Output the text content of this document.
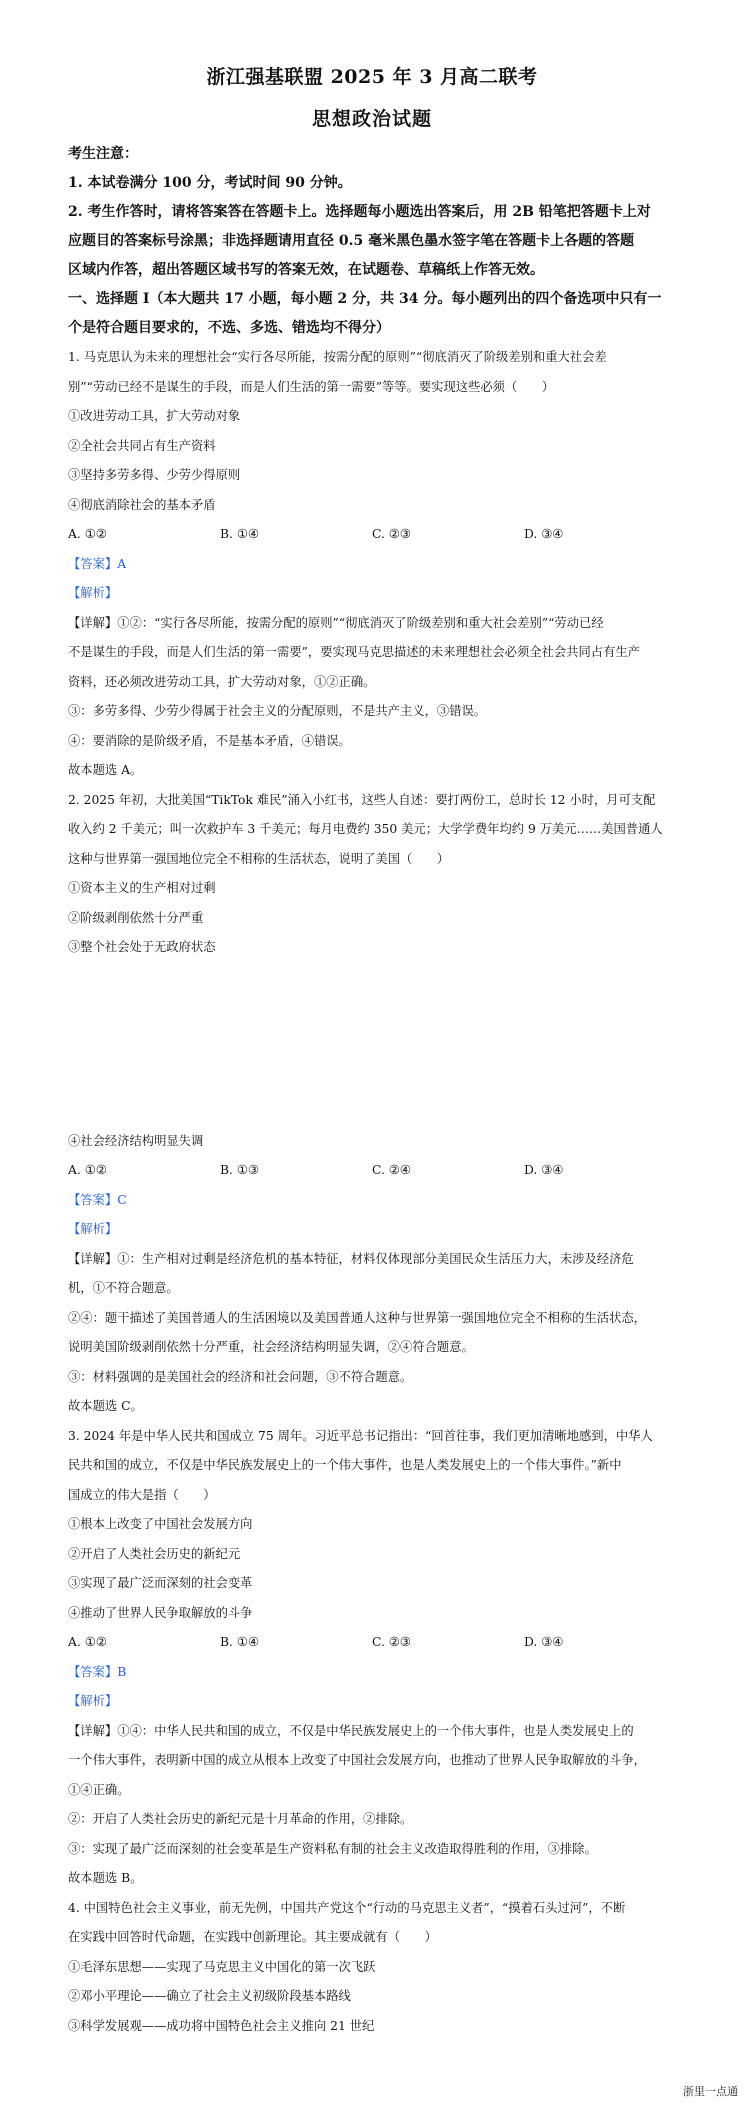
浙江强基联盟 2025 年 3 月高二联考
思想政治试题
考生注意：
1. 本试卷满分 100 分，考试时间 90 分钟。
2. 考生作答时，请将答案答在答题卡上。选择题每小题选出答案后，用 2B 铅笔把答题卡上对
应题目的答案标号涂黑；非选择题请用直径 0.5 毫米黑色墨水签字笔在答题卡上各题的答题
区域内作答，超出答题区域书写的答案无效，在试题卷、草稿纸上作答无效。
一、选择题 I（本大题共 17 小题，每小题 2 分，共 34 分。每小题列出的四个备选项中只有一
个是符合题目要求的，不选、多选、错选均不得分）
1. 马克思认为未来的理想社会“实行各尽所能，按需分配的原则”“彻底消灭了阶级差别和重大社会差
别”“劳动已经不是谋生的手段，而是人们生活的第一需要”等等。要实现这些必须（　　）
①改进劳动工具，扩大劳动对象
②全社会共同占有生产资料
③坚持多劳多得、少劳少得原则
④彻底消除社会的基本矛盾
A. ①②	B. ①④	C. ②③	D. ③④
【答案】A
【解析】
【详解】①②：“实行各尽所能，按需分配的原则”“彻底消灭了阶级差别和重大社会差别”“劳动已经
不是谋生的手段，而是人们生活的第一需要”，要实现马克思描述的未来理想社会必须全社会共同占有生产
资料，还必须改进劳动工具，扩大劳动对象，①②正确。
③：多劳多得、少劳少得属于社会主义的分配原则，不是共产主义，③错误。
④：要消除的是阶级矛盾，不是基本矛盾，④错误。
故本题选 A。
2. 2025 年初，大批美国“TikTok 难民”涌入小红书，这些人自述：要打两份工，总时长 12 小时，月可支配
收入约 2 千美元；叫一次救护车 3 千美元；每月电费约 350 美元；大学学费年均约 9 万美元……美国普通人
这种与世界第一强国地位完全不相称的生活状态，说明了美国（　　）
①资本主义的生产相对过剩
②阶级剥削依然十分严重
③整个社会处于无政府状态
④社会经济结构明显失调
A. ①②	B. ①③	C. ②④	D. ③④
【答案】C
【解析】
【详解】①：生产相对过剩是经济危机的基本特征，材料仅体现部分美国民众生活压力大，未涉及经济危
机，①不符合题意。
②④：题干描述了美国普通人的生活困境以及美国普通人这种与世界第一强国地位完全不相称的生活状态，
说明美国阶级剥削依然十分严重，社会经济结构明显失调，②④符合题意。
③：材料强调的是美国社会的经济和社会问题，③不符合题意。
故本题选 C。
3. 2024 年是中华人民共和国成立 75 周年。习近平总书记指出：“回首往事，我们更加清晰地感到，中华人
民共和国的成立，不仅是中华民族发展史上的一个伟大事件，也是人类发展史上的一个伟大事件。”新中
国成立的伟大是指（　　）
①根本上改变了中国社会发展方向
②开启了人类社会历史的新纪元
③实现了最广泛而深刻的社会变革
④推动了世界人民争取解放的斗争
A. ①②	B. ①④	C. ②③	D. ③④
【答案】B
【解析】
【详解】①④：中华人民共和国的成立，不仅是中华民族发展史上的一个伟大事件，也是人类发展史上的
一个伟大事件，表明新中国的成立从根本上改变了中国社会发展方向，也推动了世界人民争取解放的斗争，
①④正确。
②：开启了人类社会历史的新纪元是十月革命的作用，②排除。
③：实现了最广泛而深刻的社会变革是生产资料私有制的社会主义改造取得胜利的作用，③排除。
故本题选 B。
4. 中国特色社会主义事业，前无先例，中国共产党这个“行动的马克思主义者”，“摸着石头过河”，不断
在实践中回答时代命题，在实践中创新理论。其主要成就有（　　）
①毛泽东思想——实现了马克思主义中国化的第一次飞跃
②邓小平理论——确立了社会主义初级阶段基本路线
③科学发展观——成功将中国特色社会主义推向 21 世纪
浙里一点通
